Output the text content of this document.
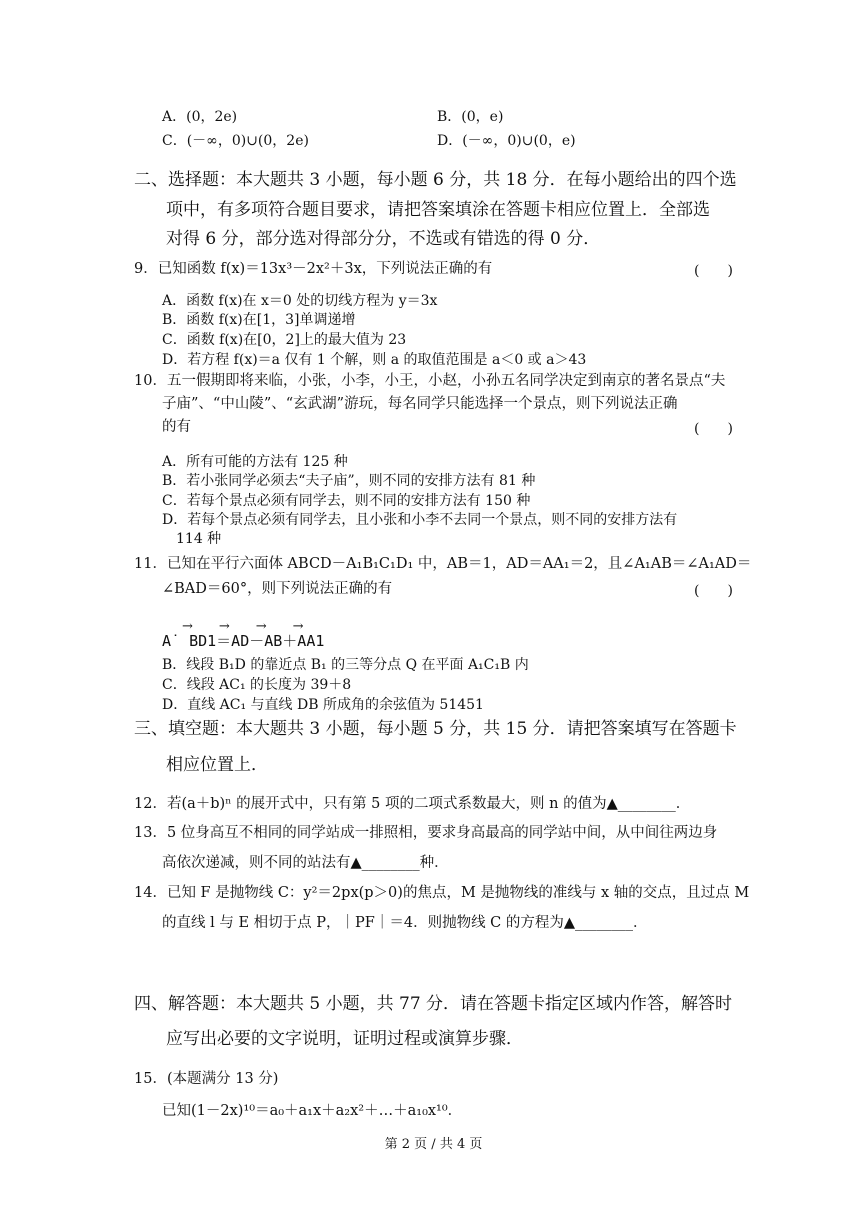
A．(0，2e)	B．(0，e)
C．(－∞，0)∪(0，2e)	D．(－∞，0)∪(0，e)
二、选择题：本大题共 3 小题，每小题 6 分，共 18 分．在每小题给出的四个选
项中，有多项符合题目要求，请把答案填涂在答题卡相应位置上．全部选
对得 6 分，部分选对得部分分，不选或有错选的得 0 分．
9．已知函数 f(x)＝13x³－2x²＋3x，下列说法正确的有	(　　)
A．函数 f(x)在 x＝0 处的切线方程为 y＝3x
B．函数 f(x)在[1，3]单调递增
C．函数 f(x)在[0，2]上的最大值为 23
D．若方程 f(x)＝a 仅有 1 个解，则 a 的取值范围是 a＜0 或 a＞43
10．五一假期即将来临，小张，小李，小王，小赵，小孙五名同学决定到南京的著名景点“夫
子庙”、“中山陵”、“玄武湖”游玩，每名同学只能选择一个景点，则下列说法正确
的有	(　　)
A．所有可能的方法有 125 种
B．若小张同学必须去“夫子庙”，则不同的安排方法有 81 种
C．若每个景点必须有同学去，则不同的安排方法有 150 种
D．若每个景点必须有同学去，且小张和小李不去同一个景点，则不同的安排方法有
114 种
11．已知在平行六面体 ABCD－A₁B₁C₁D₁ 中，AB＝1，AD＝AA₁＝2，且∠A₁AB＝∠A₁AD＝
∠BAD＝60°，则下列说法正确的有	(　　)
→　　→　　→　　→
A˙ BD1＝AD－AB＋AA1
B．线段 B₁D 的靠近点 B₁ 的三等分点 Q 在平面 A₁C₁B 内
C．线段 AC₁ 的长度为 39＋8
D．直线 AC₁ 与直线 DB 所成角的余弦值为 51451
三、填空题：本大题共 3 小题，每小题 5 分，共 15 分．请把答案填写在答题卡
相应位置上．
12．若(a＋b)ⁿ 的展开式中，只有第 5 项的二项式系数最大，则 n 的值为▲________．
13．5 位身高互不相同的同学站成一排照相，要求身高最高的同学站中间，从中间往两边身
高依次递减，则不同的站法有▲________种．
14．已知 F 是抛物线 C：y²＝2px(p＞0)的焦点，M 是抛物线的准线与 x 轴的交点，且过点 M
的直线 l 与 E 相切于点 P，｜PF｜＝4．则抛物线 C 的方程为▲________．
四、解答题：本大题共 5 小题，共 77 分．请在答题卡指定区域内作答，解答时
应写出必要的文字说明，证明过程或演算步骤．
15．(本题满分 13 分)
已知(1－2x)¹⁰＝a₀＋a₁x＋a₂x²＋…＋a₁₀x¹⁰．
第 2 页 / 共 4 页
